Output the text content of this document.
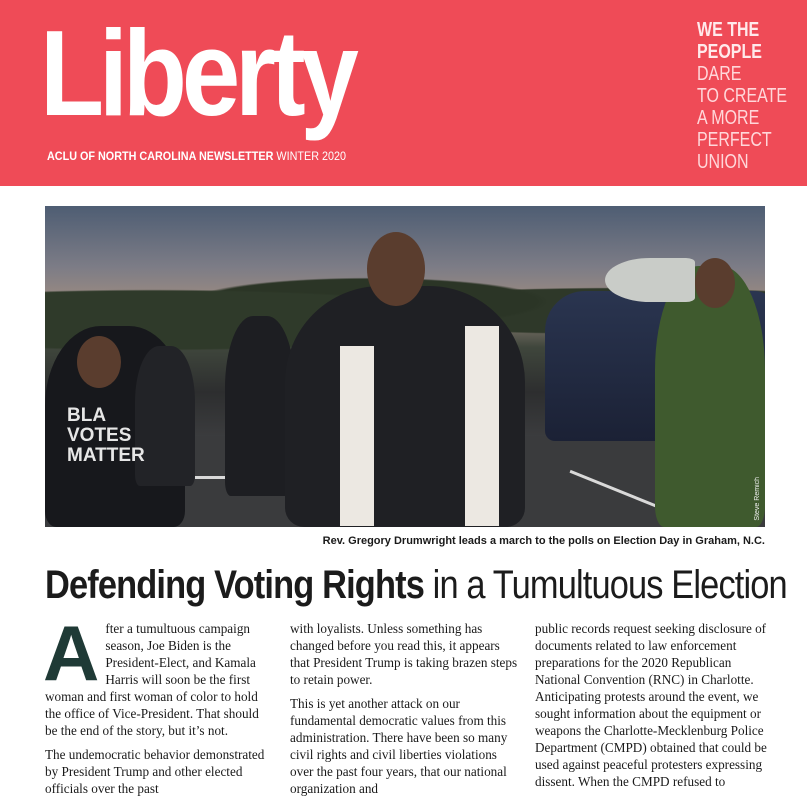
Liberty
ACLU OF NORTH CAROLINA NEWSLETTER WINTER 2020
WE THE
PEOPLE
DARE
TO CREATE
A MORE
PERFECT
UNION
BLA
VOTES
MATTER
Steve Remich
Rev. Gregory Drumwright leads a march to the polls on Election Day in Graham, N.C.
Defending Voting Rights in a Tumultuous Election

After a tumultuous campaign season, Joe Biden is the President-Elect, and Kamala Harris will soon be the first woman and first woman of color to hold the office of Vice-President. That should be the end of the story, but it’s not.

The undemocratic behavior demonstrated by President Trump and other elected officials over the past

with loyalists. Unless something has changed before you read this, it appears that President Trump is taking brazen steps to retain power.

This is yet another attack on our fundamental democratic values from this administration. There have been so many civil rights and civil liberties violations over the past four years, that our national organization and

public records request seeking disclosure of documents related to law enforcement preparations for the 2020 Republican National Convention (RNC) in Charlotte. Anticipating protests around the event, we sought information about the equipment or weapons the Charlotte-Mecklenburg Police Department (CMPD) obtained that could be used against peaceful protesters expressing dissent. When the CMPD refused to
